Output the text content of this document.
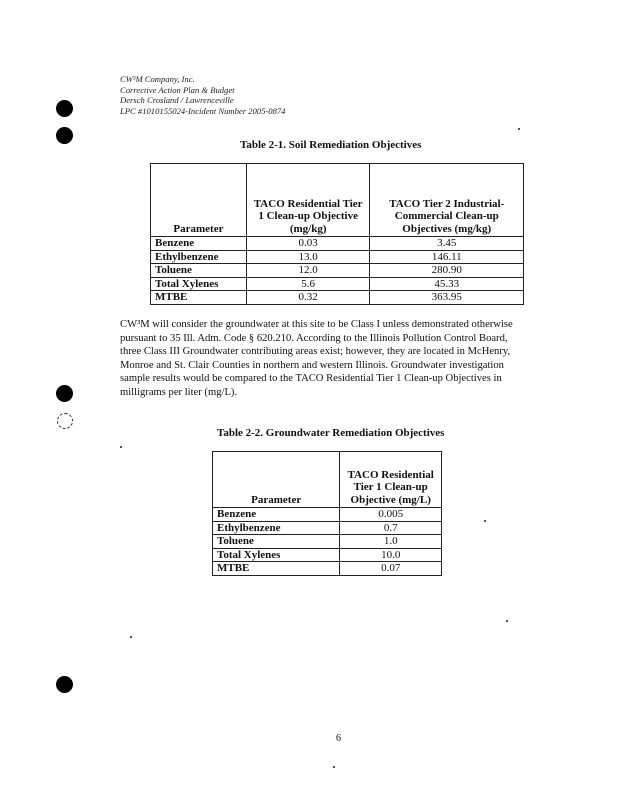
CW³M Company, Inc.
Corrective Action Plan & Budget
Dersch Crosland / Lawrenceville
LPC #1010155024-Incident Number 2005-0874
Table 2-1. Soil Remediation Objectives
Parameter	TACO Residential Tier 1 Clean-up Objective (mg/kg)	TACO Tier 2 Industrial-Commercial Clean-up Objectives (mg/kg)
Benzene	0.03	3.45
Ethylbenzene	13.0	146.11
Toluene	12.0	280.90
Total Xylenes	5.6	45.33
MTBE	0.32	363.95
CW³M will consider the groundwater at this site to be Class I unless demonstrated otherwise pursuant to 35 Ill. Adm. Code § 620.210. According to the Illinois Pollution Control Board, three Class III Groundwater contributing areas exist; however, they are located in McHenry, Monroe and St. Clair Counties in northern and western Illinois. Groundwater investigation sample results would be compared to the TACO Residential Tier 1 Clean-up Objectives in milligrams per liter (mg/L).
Table 2-2. Groundwater Remediation Objectives
Parameter	TACO Residential Tier 1 Clean-up Objective (mg/L)
Benzene	0.005
Ethylbenzene	0.7
Toluene	1.0
Total Xylenes	10.0
MTBE	0.07
6
